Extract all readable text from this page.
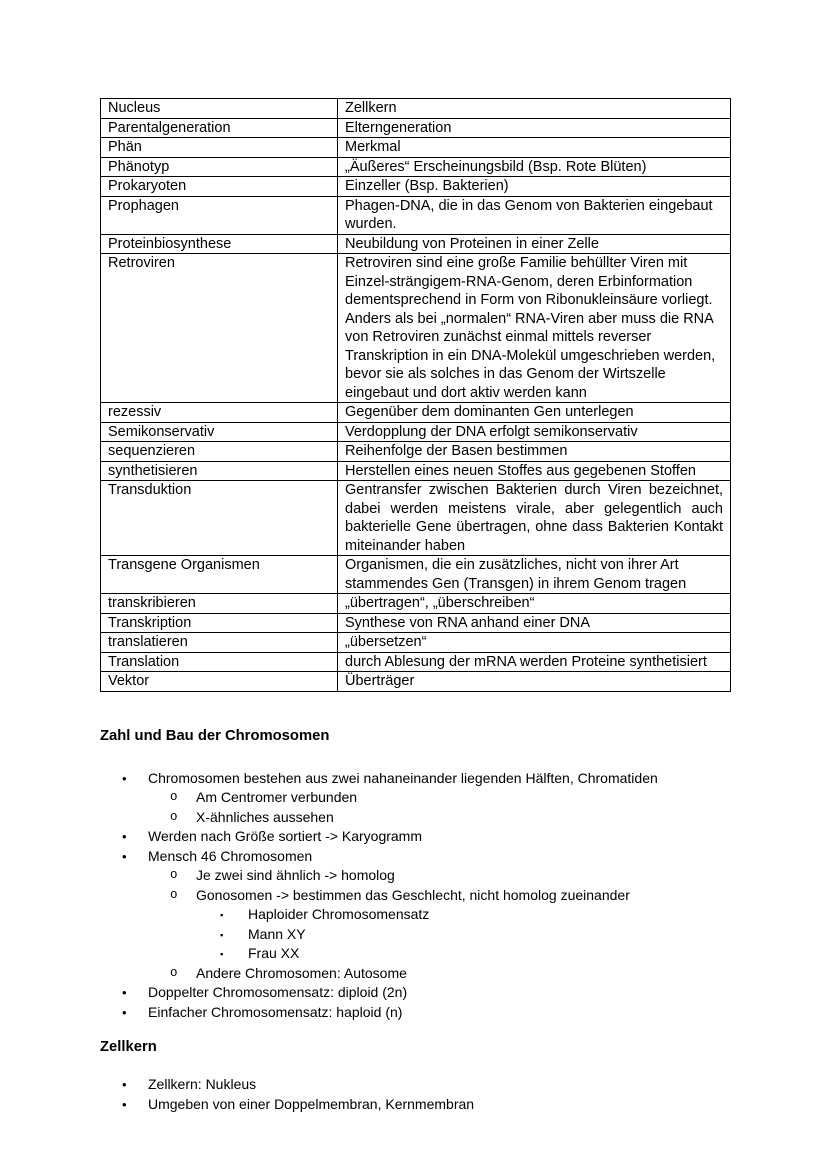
Nucleus	Zellkern
Parentalgeneration	Elterngeneration
Phän	Merkmal
Phänotyp	„Äußeres“ Erscheinungsbild (Bsp. Rote Blüten)
Prokaryoten	Einzeller (Bsp. Bakterien)
Prophagen	Phagen-DNA, die in das Genom von Bakterien eingebaut wurden.
Proteinbiosynthese	Neubildung von Proteinen in einer Zelle
Retroviren	Retroviren sind eine große Familie behüllter Viren mit Einzel-strängigem-RNA-Genom, deren Erbinformation dementsprechend in Form von Ribonukleinsäure vorliegt. Anders als bei „normalen“ RNA-Viren aber muss die RNA von Retroviren zunächst einmal mittels reverser Transkription in ein DNA-Molekül umgeschrieben werden, bevor sie als solches in das Genom der Wirtszelle eingebaut und dort aktiv werden kann
rezessiv	Gegenüber dem dominanten Gen unterlegen
Semikonservativ	Verdopplung der DNA erfolgt semikonservativ
sequenzieren	Reihenfolge der Basen bestimmen
synthetisieren	Herstellen eines neuen Stoffes aus gegebenen Stoffen
Transduktion	Gentransfer zwischen Bakterien durch Viren bezeichnet, dabei werden meistens virale, aber gelegentlich auch bakterielle Gene übertragen, ohne dass Bakterien Kontakt miteinander haben
Transgene Organismen	Organismen, die ein zusätzliches, nicht von ihrer Art stammendes Gen (Transgen) in ihrem Genom tragen
transkribieren	„übertragen“, „überschreiben“
Transkription	Synthese von RNA anhand einer DNA
translatieren	„übersetzen“
Translation	durch Ablesung der mRNA werden Proteine synthetisiert
Vektor	Überträger
Zahl und Bau der Chromosomen
• Chromosomen bestehen aus zwei nahaneinander liegenden Hälften, Chromatiden
o Am Centromer verbunden
o X-ähnliches aussehen
• Werden nach Größe sortiert -> Karyogramm
• Mensch 46 Chromosomen
o Je zwei sind ähnlich -> homolog
o Gonosomen -> bestimmen das Geschlecht, nicht homolog zueinander
▪ Haploider Chromosomensatz
▪ Mann XY
▪ Frau XX
o Andere Chromosomen: Autosome
• Doppelter Chromosomensatz: diploid (2n)
• Einfacher Chromosomensatz: haploid (n)
Zellkern
• Zellkern: Nukleus
• Umgeben von einer Doppelmembran, Kernmembran
